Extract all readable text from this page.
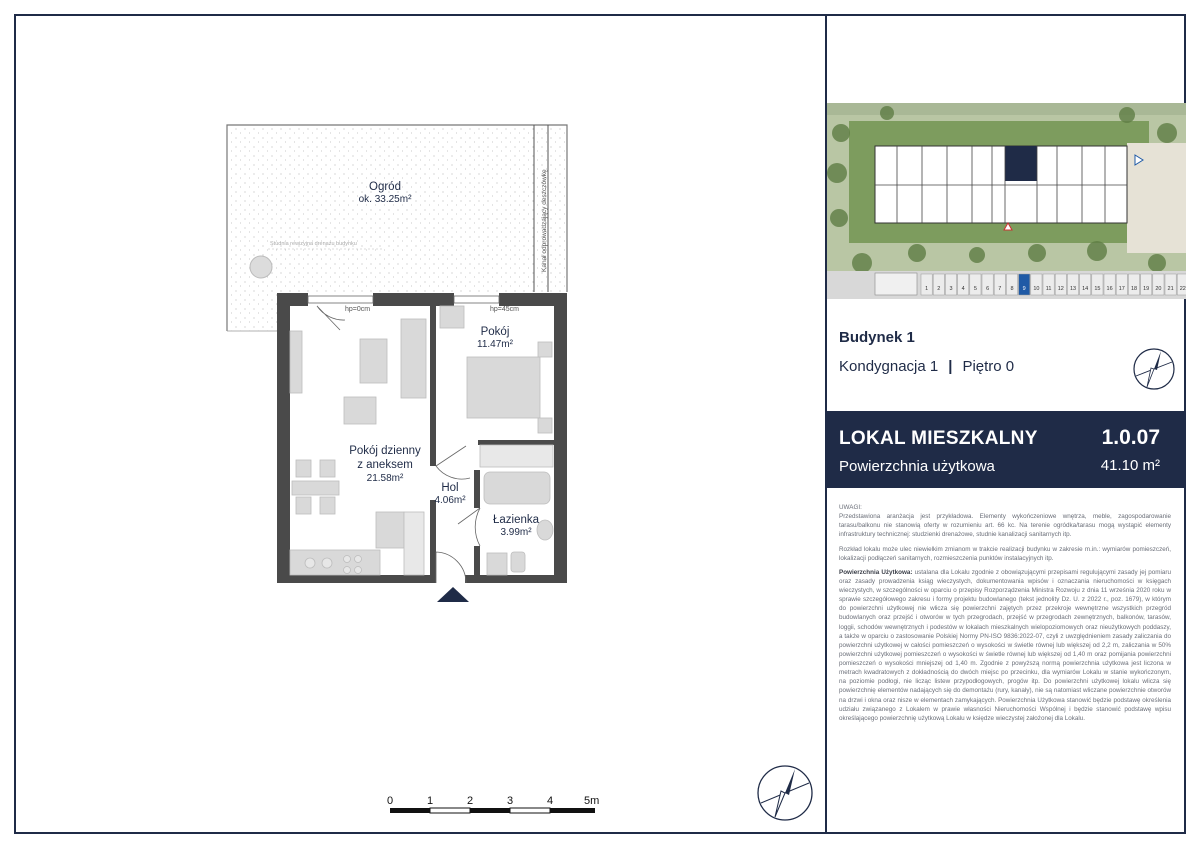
Ogród
ok. 33.25m²
Pokój dzienny
z aneksem
21.58m²
Pokój
11.47m²
Hol
4.06m²
Łazienka
3.99m²
hp=0cm	hp=45cm
Kanał odprowadzający deszczówkę
Studnia rewizyjna drenażu budynku
0	1	2	3	4	5m
1 2 3 4 5 6 7 8 9 10 11 12 13 14 15 16 17 18 19 20 21 22
Budynek 1
Kondygnacja 1 | Piętro 0
LOKAL MIESZKALNY	1.0.07
Powierzchnia użytkowa	41.10 m²

UWAGI:

Przedstawiona aranżacja jest przykładowa. Elementy wykończeniowe wnętrza, meble, zagospodarowanie tarasu/balkonu nie stanowią oferty w rozumieniu art. 66 kc. Na terenie ogródka/tarasu mogą wystąpić elementy infrastruktury technicznej: studzienki drenażowe, studnie kanalizacji sanitarnych itp.

Rozkład lokalu może ulec niewielkim zmianom w trakcie realizacji budynku w zakresie m.in.: wymiarów pomieszczeń, lokalizacji podłączeń sanitarnych, rozmieszczenia punktów instalacyjnych itp.

Powierzchnia Użytkowa: ustalana dla Lokalu zgodnie z obowiązującymi przepisami regulującymi zasady jej pomiaru oraz zasady prowadzenia ksiąg wieczystych, dokumentowania wpisów i oznaczania nieruchomości w księgach wieczystych, w szczególności w oparciu o przepisy Rozporządzenia Ministra Rozwoju z dnia 11 września 2020 roku w sprawie szczegółowego zakresu i formy projektu budowlanego (tekst jednolity Dz. U. z 2022 r., poz. 1679), w którym do powierzchni użytkowej nie wlicza się powierzchni zajętych przez przekroje wewnętrzne wszystkich przegród budowlanych oraz przejść i otworów w tych przegrodach, przejść w przegrodach zewnętrznych, balkonów, tarasów, loggii, schodów wewnętrznych i podestów w lokalach mieszkalnych wielopoziomowych oraz nieużytkowych poddaszy, a także w oparciu o zastosowanie Polskiej Normy PN-ISO 9836:2022-07, czyli z uwzględnieniem zasady zaliczania do powierzchni użytkowej w całości pomieszczeń o wysokości w świetle równej lub większej od 2,2 m, zaliczania w 50% powierzchni użytkowej pomieszczeń o wysokości w świetle równej lub większej od 1,40 m oraz pomijania powierzchni pomieszczeń o wysokości mniejszej od 1,40 m. Zgodnie z powyższą normą powierzchnia użytkowa jest liczona w metrach kwadratowych z dokładnością do dwóch miejsc po przecinku, dla wymiarów Lokalu w stanie wykończonym, na poziomie podłogi, nie licząc listew przypodłogowych, progów itp. Do powierzchni użytkowej lokalu wlicza się powierzchnię elementów nadających się do demontażu (rury, kanały), nie są natomiast wliczane powierzchnie otworów na drzwi i okna oraz nisze w elementach zamykających. Powierzchnia Użytkowa stanowić będzie podstawę określenia udziału związanego z Lokalem w prawie własności Nieruchomości Wspólnej i będzie stanowić podstawę wpisu określającego powierzchnię użytkową Lokalu w księdze wieczystej założonej dla Lokalu.
